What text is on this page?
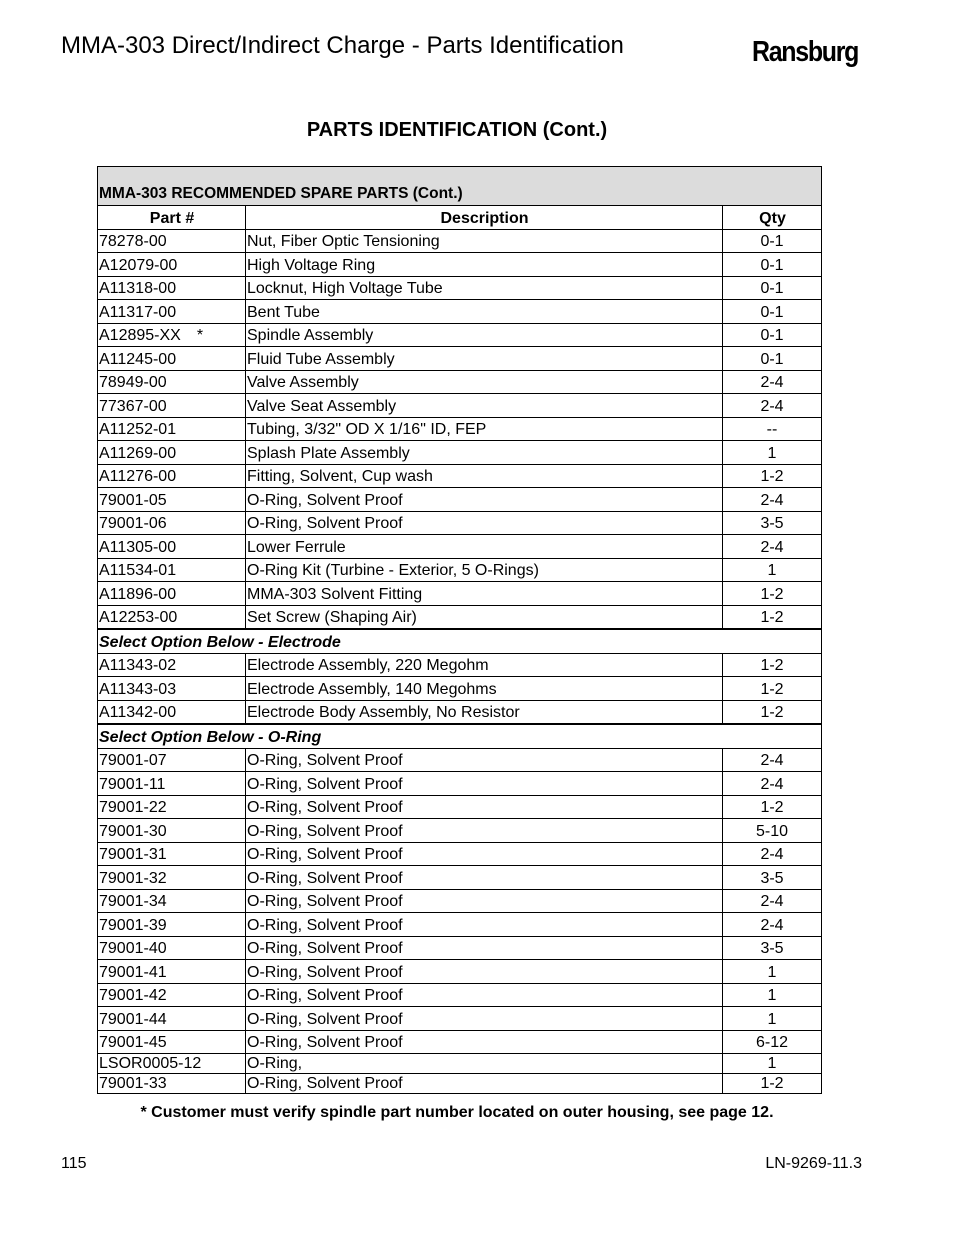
MMA-303 Direct/Indirect Charge - Parts Identification	Ransburg
PARTS IDENTIFICATION (Cont.)
MMA-303 RECOMMENDED SPARE PARTS (Cont.)		
Part #	Description	Qty
78278-00	Nut, Fiber Optic Tensioning	0-1
A12079-00	High Voltage Ring	0-1
A11318-00	Locknut, High Voltage Tube	0-1
A11317-00	Bent Tube	0-1
A12895-XX *	Spindle Assembly	0-1
A11245-00	Fluid Tube Assembly	0-1
78949-00	Valve Assembly	2-4
77367-00	Valve Seat Assembly	2-4
A11252-01	Tubing, 3/32" OD X 1/16" ID, FEP	--
A11269-00	Splash Plate Assembly	1
A11276-00	Fitting, Solvent, Cup wash	1-2
79001-05	O-Ring, Solvent Proof	2-4
79001-06	O-Ring, Solvent Proof	3-5
A11305-00	Lower Ferrule	2-4
A11534-01	O-Ring Kit (Turbine - Exterior, 5 O-Rings)	1
A11896-00	MMA-303 Solvent Fitting	1-2
A12253-00	Set Screw (Shaping Air)	1-2
Select Option Below - Electrode		
A11343-02	Electrode Assembly, 220 Megohm	1-2
A11343-03	Electrode Assembly, 140 Megohms	1-2
A11342-00	Electrode Body Assembly, No Resistor	1-2
Select Option Below - O-Ring		
79001-07	O-Ring, Solvent Proof	2-4
79001-11	O-Ring, Solvent Proof	2-4
79001-22	O-Ring, Solvent Proof	1-2
79001-30	O-Ring, Solvent Proof	5-10
79001-31	O-Ring, Solvent Proof	2-4
79001-32	O-Ring, Solvent Proof	3-5
79001-34	O-Ring, Solvent Proof	2-4
79001-39	O-Ring, Solvent Proof	2-4
79001-40	O-Ring, Solvent Proof	3-5
79001-41	O-Ring, Solvent Proof	1
79001-42	O-Ring, Solvent Proof	1
79001-44	O-Ring, Solvent Proof	1
79001-45	O-Ring, Solvent Proof	6-12
LSOR0005-12	O-Ring,	1
79001-33	O-Ring, Solvent Proof	1-2
* Customer must verify spindle part number located on outer housing, see page 12.
115	LN-9269-11.3
